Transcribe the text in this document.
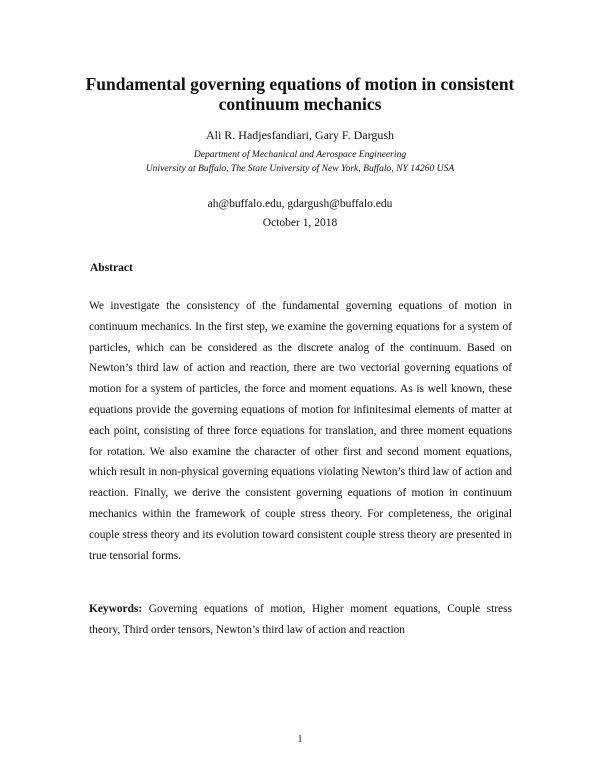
Fundamental governing equations of motion in consistent continuum mechanics
Ali R. Hadjesfandiari, Gary F. Dargush
Department of Mechanical and Aerospace Engineering
University at Buffalo, The State University of New York, Buffalo, NY 14260 USA
ah@buffalo.edu, gdargush@buffalo.edu
October 1, 2018
Abstract

We investigate the consistency of the fundamental governing equations of motion in continuum mechanics. In the first step, we examine the governing equations for a system of particles, which can be considered as the discrete analog of the continuum. Based on Newton’s third law of action and reaction, there are two vectorial governing equations of motion for a system of particles, the force and moment equations. As is well known, these equations provide the governing equations of motion for infinitesimal elements of matter at each point, consisting of three force equations for translation, and three moment equations for rotation. We also examine the character of other first and second moment equations, which result in non-physical governing equations violating Newton’s third law of action and reaction. Finally, we derive the consistent governing equations of motion in continuum mechanics within the framework of couple stress theory. For completeness, the original couple stress theory and its evolution toward consistent couple stress theory are presented in true tensorial forms.

Keywords: Governing equations of motion, Higher moment equations, Couple stress theory, Third order tensors, Newton’s third law of action and reaction

1
